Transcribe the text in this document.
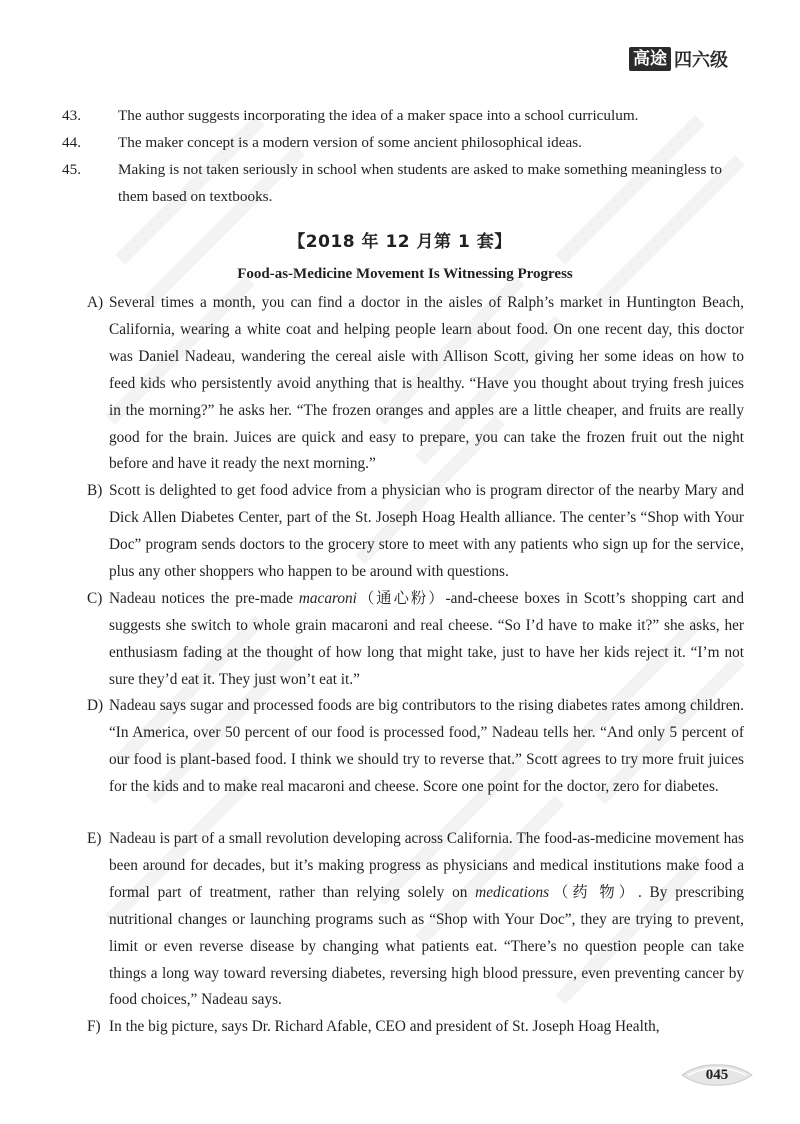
高途 四六级
43. The author suggests incorporating the idea of a maker space into a school curriculum.
44. The maker concept is a modern version of some ancient philosophical ideas.
45. Making is not taken seriously in school when students are asked to make something meaningless to them based on textbooks.
【2018 年 12 月第 1 套】
Food-as-Medicine Movement Is Witnessing Progress

A) Several times a month, you can find a doctor in the aisles of Ralph’s market in Huntington Beach, California, wearing a white coat and helping people learn about food. On one recent day, this doctor was Daniel Nadeau, wandering the cereal aisle with Allison Scott, giving her some ideas on how to feed kids who persistently avoid anything that is healthy. “Have you thought about trying fresh juices in the morning?” he asks her. “The frozen oranges and apples are a little cheaper, and fruits are really good for the brain. Juices are quick and easy to prepare, you can take the frozen fruit out the night before and have it ready the next morning.”

B) Scott is delighted to get food advice from a physician who is program director of the nearby Mary and Dick Allen Diabetes Center, part of the St. Joseph Hoag Health alliance. The center’s “Shop with Your Doc” program sends doctors to the grocery store to meet with any patients who sign up for the service, plus any other shoppers who happen to be around with questions.

C) Nadeau notices the pre-made macaroni（通心粉）-and-cheese boxes in Scott’s shopping cart and suggests she switch to whole grain macaroni and real cheese. “So I’d have to make it?” she asks, her enthusiasm fading at the thought of how long that might take, just to have her kids reject it. “I’m not sure they’d eat it. They just won’t eat it.”

D) Nadeau says sugar and processed foods are big contributors to the rising diabetes rates among children. “In America, over 50 percent of our food is processed food,” Nadeau tells her. “And only 5 percent of our food is plant-based food. I think we should try to reverse that.” Scott agrees to try more fruit juices for the kids and to make real macaroni and cheese. Score one point for the doctor, zero for diabetes.

E) Nadeau is part of a small revolution developing across California. The food-as-medicine movement has been around for decades, but it’s making progress as physicians and medical institutions make food a formal part of treatment, rather than relying solely on medications（药 物）. By prescribing nutritional changes or launching programs such as “Shop with Your Doc”, they are trying to prevent, limit or even reverse disease by changing what patients eat. “There’s no question people can take things a long way toward reversing diabetes, reversing high blood pressure, even preventing cancer by food choices,” Nadeau says.

F) In the big picture, says Dr. Richard Afable, CEO and president of St. Joseph Hoag Health,

045
